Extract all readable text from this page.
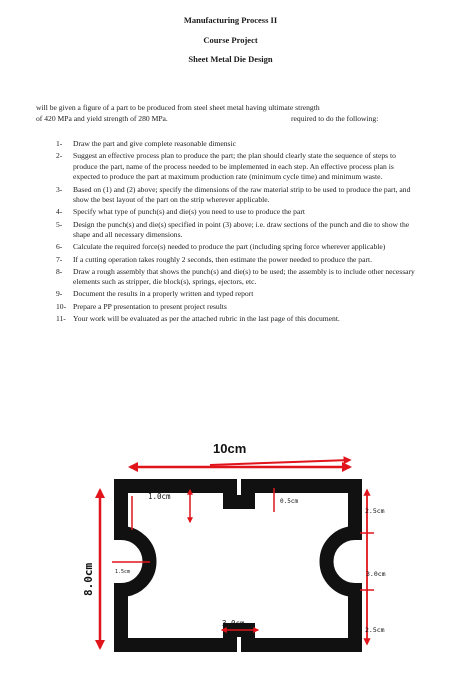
Manufacturing Process II
Course Project
Sheet Metal Die Design
will be given a figure of a part to be produced from steel sheet metal having ultimate strength
of 420 MPa and yield strength of 280 MPa.	required to do the following:
1- Draw the part and give complete reasonable dimensic
2- Suggest an effective process plan to produce the part; the plan should clearly state the sequence of steps to produce the part, name of the process needed to be implemented in each step. An effective process plan is expected to produce the part at maximum production rate (minimum cycle time) and minimum waste.
3- Based on (1) and (2) above; specify the dimensions of the raw material strip to be used to produce the part, and show the best layout of the part on the strip wherever applicable.
4- Specify what type of punch(s) and die(s) you need to use to produce the part
5- Design the punch(s) and die(s) specified in point (3) above; i.e. draw sections of the punch and die to show the shape and all necessary dimensions.
6- Calculate the required force(s) needed to produce the part (including spring force wherever applicable)
7- If a cutting operation takes roughly 2 seconds, then estimate the power needed to produce the part.
8- Draw a rough assembly that shows the punch(s) and die(s) to be used; the assembly is to include other necessary elements such as stripper, die block(s), springs, ejectors, etc.
9- Document the results in a properly written and typed report
10- Prepare a PP presentation to present project results
11- Your work will be evaluated as per the attached rubric in the last page of this document.
10cm
8.0cm
1.0cm
0.5cm
0.5cm
2.5cm
3.0cm
2.5cm
1.5cm
3.0cm
